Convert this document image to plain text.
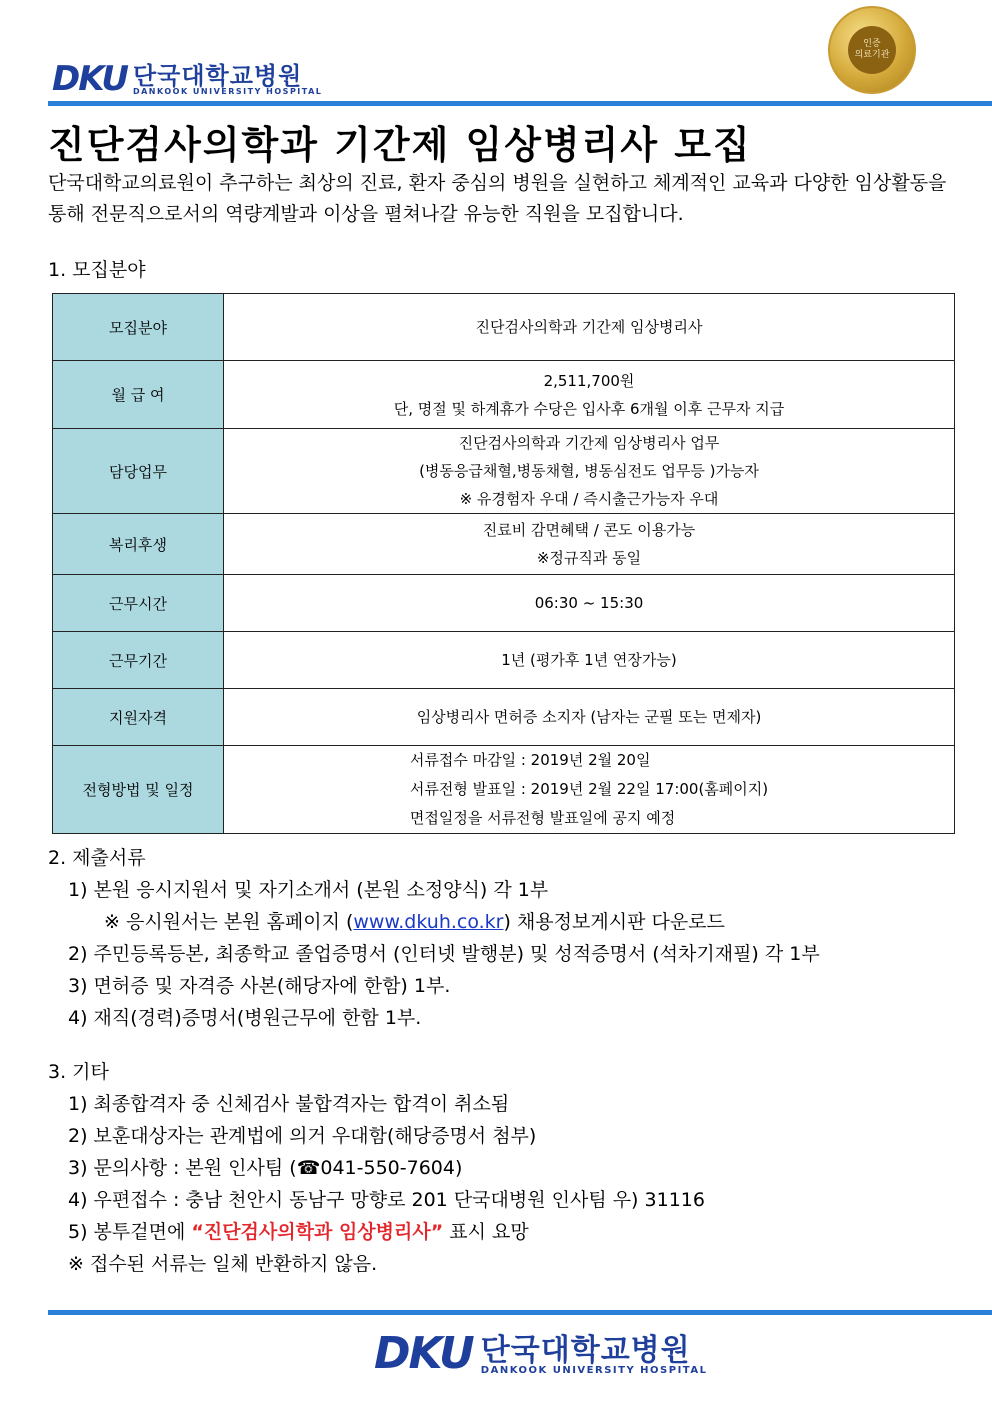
DKU 단국대학교병원
DANKOOK UNIVERSITY HOSPITAL
인증
의료기관
진단검사의학과 기간제 임상병리사 모집
단국대학교의료원이 추구하는 최상의 진료, 환자 중심의 병원을 실현하고 체계적인 교육과 다양한 임상활동을 통해 전문직으로서의 역량계발과 이상을 펼쳐나갈 유능한 직원을 모집합니다.
1. 모집분야
모집분야	진단검사의학과 기간제 임상병리사

월 급 여	2,511,700원
단, 명절 및 하계휴가 수당은 입사후 6개월 이후 근무자 지급

담당업무	진단검사의학과 기간제 임상병리사 업무
(병동응급채혈,병동채혈, 병동심전도 업무등 )가능자
※ 유경험자 우대 / 즉시출근가능자 우대

복리후생	진료비 감면혜택 / 콘도 이용가능
※정규직과 동일

근무시간	06:30 ~ 15:30

근무기간	1년 (평가후 1년 연장가능)

지원자격	임상병리사 면허증 소지자 (남자는 군필 또는 면제자)

전형방법 및 일정	서류접수 마감일 : 2019년 2월 20일
서류전형 발표일 : 2019년 2월 22일 17:00(홈페이지)
면접일정을 서류전형 발표일에 공지 예정
2. 제출서류
1) 본원 응시지원서 및 자기소개서 (본원 소정양식) 각 1부
※ 응시원서는 본원 홈페이지 (www.dkuh.co.kr) 채용정보게시판 다운로드
2) 주민등록등본, 최종학교 졸업증명서 (인터넷 발행분) 및 성적증명서 (석차기재필) 각 1부
3) 면허증 및 자격증 사본(해당자에 한함) 1부.
4) 재직(경력)증명서(병원근무에 한함 1부.
3. 기타
1) 최종합격자 중 신체검사 불합격자는 합격이 취소됨
2) 보훈대상자는 관계법에 의거 우대함(해당증명서 첨부)
3) 문의사항 : 본원 인사팀 (☎041-550-7604)
4) 우편접수 : 충남 천안시 동남구 망향로 201 단국대병원 인사팀 우) 31116
5) 봉투겉면에 “진단검사의학과 임상병리사” 표시 요망
※ 접수된 서류는 일체 반환하지 않음.
DKU 단국대학교병원
DANKOOK UNIVERSITY HOSPITAL
